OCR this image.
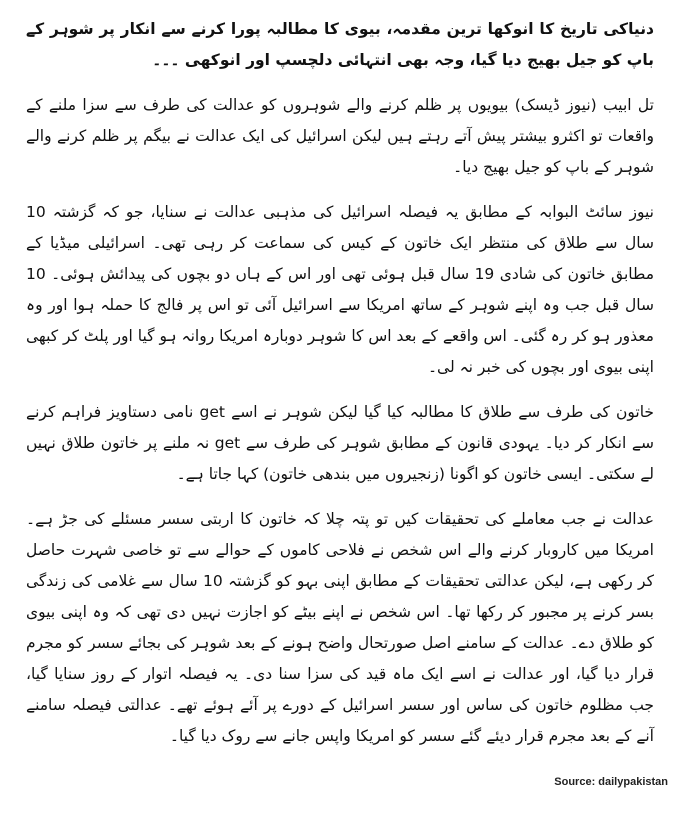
دنیاکی تاریخ کا انوکھا ترین مقدمہ، بیوی کا مطالبہ پورا کرنے سے انکار پر شوہر کے باپ کو جیل بھیج دیا گیا، وجہ بھی انتہائی دلچسپ اور انوکھی ۔۔۔

تل ابیب (نیوز ڈیسک) بیویوں پر ظلم کرنے والے شوہروں کو عدالت کی طرف سے سزا ملنے کے واقعات تو اکثرو بیشتر پیش آتے رہتے ہیں لیکن اسرائیل کی ایک عدالت نے بیگم پر ظلم کرنے والے شوہر کے باپ کو جیل بھیج دیا۔

نیوز سائٹ البوابہ کے مطابق یہ فیصلہ اسرائیل کی مذہبی عدالت نے سنایا، جو کہ گزشتہ 10 سال سے طلاق کی منتظر ایک خاتون کے کیس کی سماعت کر رہی تھی۔ اسرائیلی میڈیا کے مطابق خاتون کی شادی 19 سال قبل ہوئی تھی اور اس کے ہاں دو بچوں کی پیدائش ہوئی۔ 10 سال قبل جب وہ اپنے شوہر کے ساتھ امریکا سے اسرائیل آئی تو اس پر فالج کا حملہ ہوا اور وہ معذور ہو کر رہ گئی۔ اس واقعے کے بعد اس کا شوہر دوبارہ امریکا روانہ ہو گیا اور پلٹ کر کبھی اپنی بیوی اور بچوں کی خبر نہ لی۔

خاتون کی طرف سے طلاق کا مطالبہ کیا گیا لیکن شوہر نے اسے get نامی دستاویز فراہم کرنے سے انکار کر دیا۔ یہودی قانون کے مطابق شوہر کی طرف سے get نہ ملنے پر خاتون طلاق نہیں لے سکتی۔ ایسی خاتون کو اگونا (زنجیروں میں بندھی خاتون) کہا جاتا ہے۔

عدالت نے جب معاملے کی تحقیقات کیں تو پتہ چلا کہ خاتون کا اربتی سسر مسئلے کی جڑ ہے۔ امریکا میں کاروبار کرنے والے اس شخص نے فلاحی کاموں کے حوالے سے تو خاصی شہرت حاصل کر رکھی ہے، لیکن عدالتی تحقیقات کے مطابق اپنی بہو کو گزشتہ 10 سال سے غلامی کی زندگی بسر کرنے پر مجبور کر رکھا تھا۔ اس شخص نے اپنے بیٹے کو اجازت نہیں دی تھی کہ وہ اپنی بیوی کو طلاق دے۔ عدالت کے سامنے اصل صورتحال واضح ہونے کے بعد شوہر کی بجائے سسر کو مجرم قرار دیا گیا، اور عدالت نے اسے ایک ماہ قید کی سزا سنا دی۔ یہ فیصلہ اتوار کے روز سنایا گیا، جب مظلوم خاتون کی ساس اور سسر اسرائیل کے دورے پر آئے ہوئے تھے۔ عدالتی فیصلہ سامنے آنے کے بعد مجرم قرار دیئے گئے سسر کو امریکا واپس جانے سے روک دیا گیا۔

Source: dailypakistan
